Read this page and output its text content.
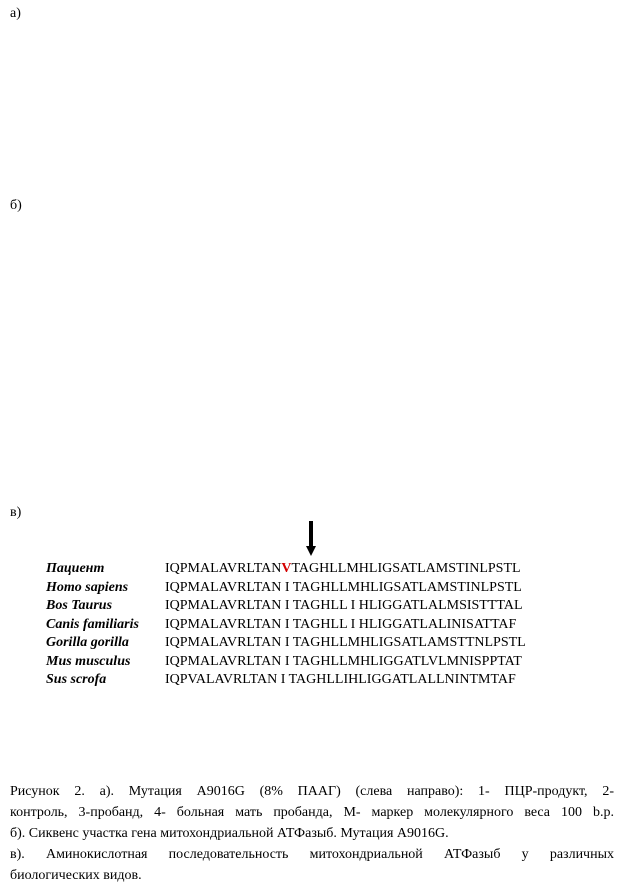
а)
б)
в)
Пациент	IQPMALAVRLTANVTAGHLLMHLIGSATLAMSTINLPSTL
Homo sapiens	IQPMALAVRLTAN I TAGHLLMHLIGSATLAMSTINLPSTL
Bos Taurus	IQPMALAVRLTAN I TAGHLL I HLIGGATLALMSISTTTAL
Canis familiaris	IQPMALAVRLTAN I TAGHLL I HLIGGATLALINISATTAF
Gorilla gorilla	IQPMALAVRLTAN I TAGHLLMHLIGSATLAMSTTNLPSTL
Mus musculus	IQPMALAVRLTAN I TAGHLLMHLIGGATLVLMNISPPTAT
Sus scrofa	IQPVALAVRLTAN I TAGHLLIHLIGGATLALLNINTMTAF

Рисунок 2. а). Мутация A9016G (8% ПААГ) (слева направо): 1- ПЦР-продукт, 2-

контроль, 3-пробанд, 4- больная мать пробанда, М- маркер молекулярного веса 100 b.p.

б). Сиквенс участка гена митохондриальной АТФазыб. Мутация A9016G.

в). Аминокислотная последовательность митохондриальной АТФазыб у различных

биологических видов.
